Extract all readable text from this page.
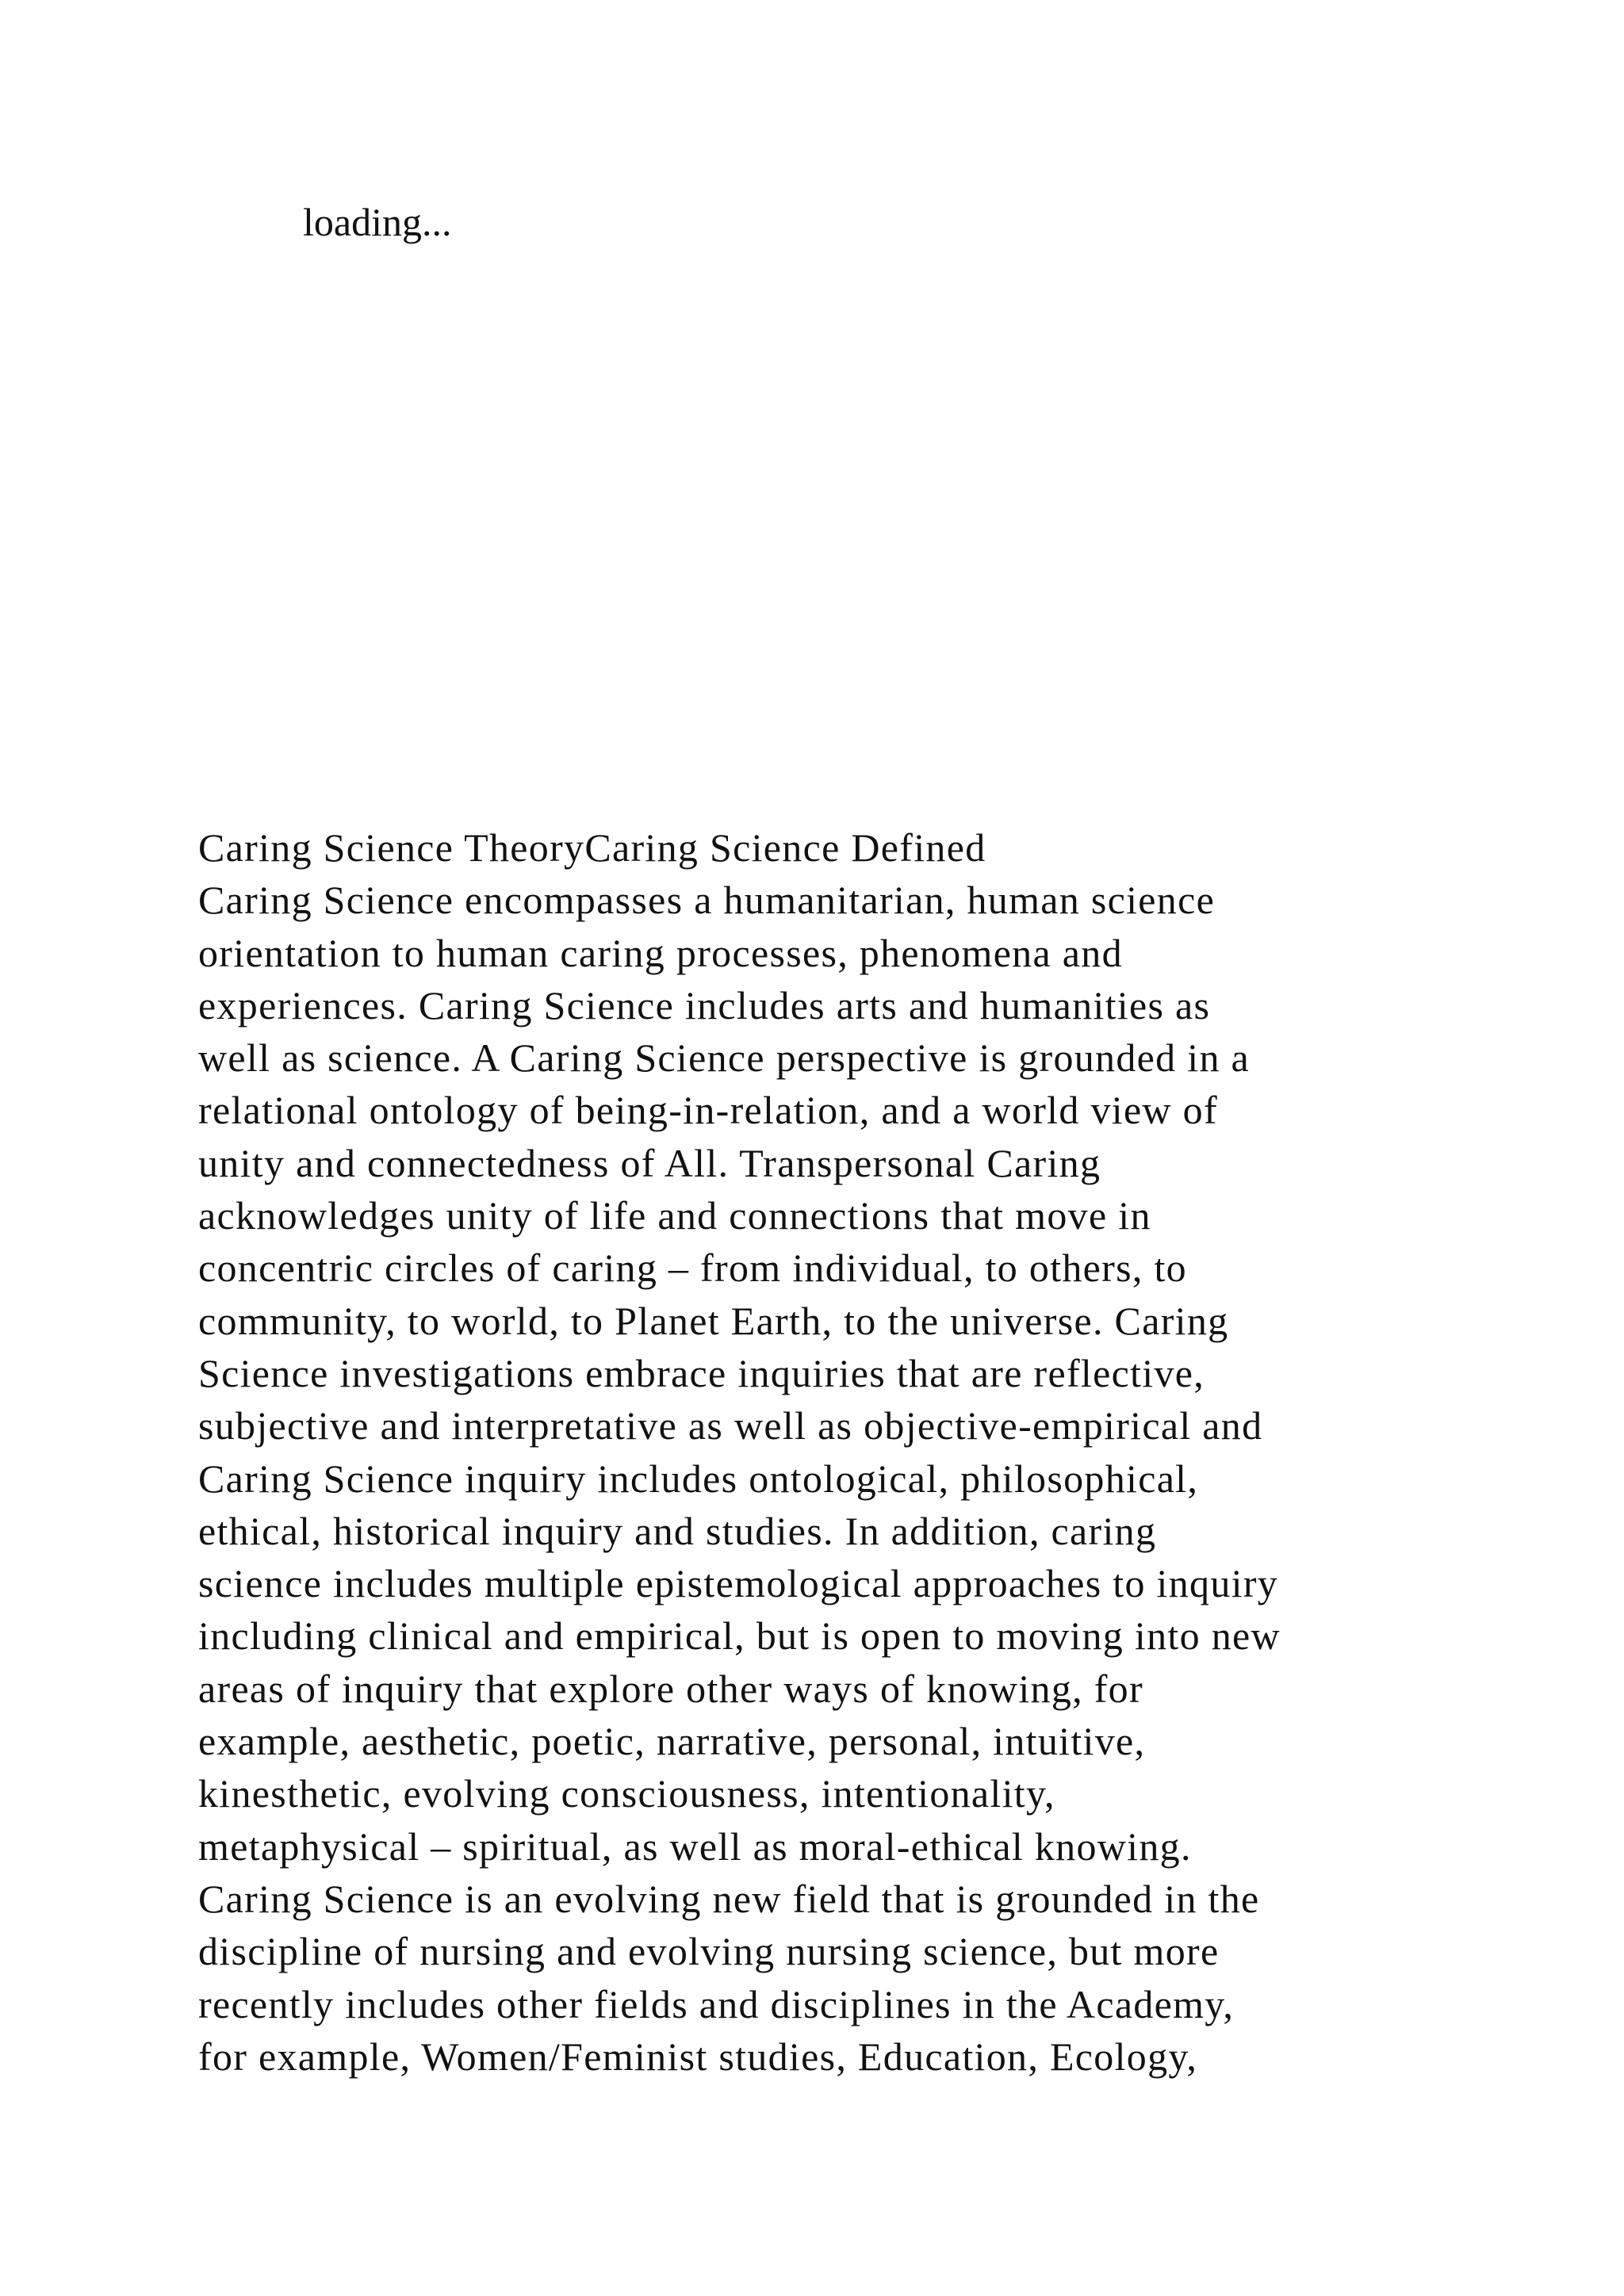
loading...
Caring Science TheoryCaring Science Defined
Caring Science encompasses a humanitarian, human science
orientation to human caring processes, phenomena and
experiences. Caring Science includes arts and humanities as
well as science. A Caring Science perspective is grounded in a
relational ontology of being-in-relation, and a world view of
unity and connectedness of All. Transpersonal Caring
acknowledges unity of life and connections that move in
concentric circles of caring – from individual, to others, to
community, to world, to Planet Earth, to the universe. Caring
Science investigations embrace inquiries that are reflective,
subjective and interpretative as well as objective-empirical and
Caring Science inquiry includes ontological, philosophical,
ethical, historical inquiry and studies. In addition, caring
science includes multiple epistemological approaches to inquiry
including clinical and empirical, but is open to moving into new
areas of inquiry that explore other ways of knowing, for
example, aesthetic, poetic, narrative, personal, intuitive,
kinesthetic, evolving consciousness, intentionality,
metaphysical – spiritual, as well as moral-ethical knowing.
Caring Science is an evolving new field that is grounded in the
discipline of nursing and evolving nursing science, but more
recently includes other fields and disciplines in the Academy,
for example, Women/Feminist studies, Education, Ecology,
